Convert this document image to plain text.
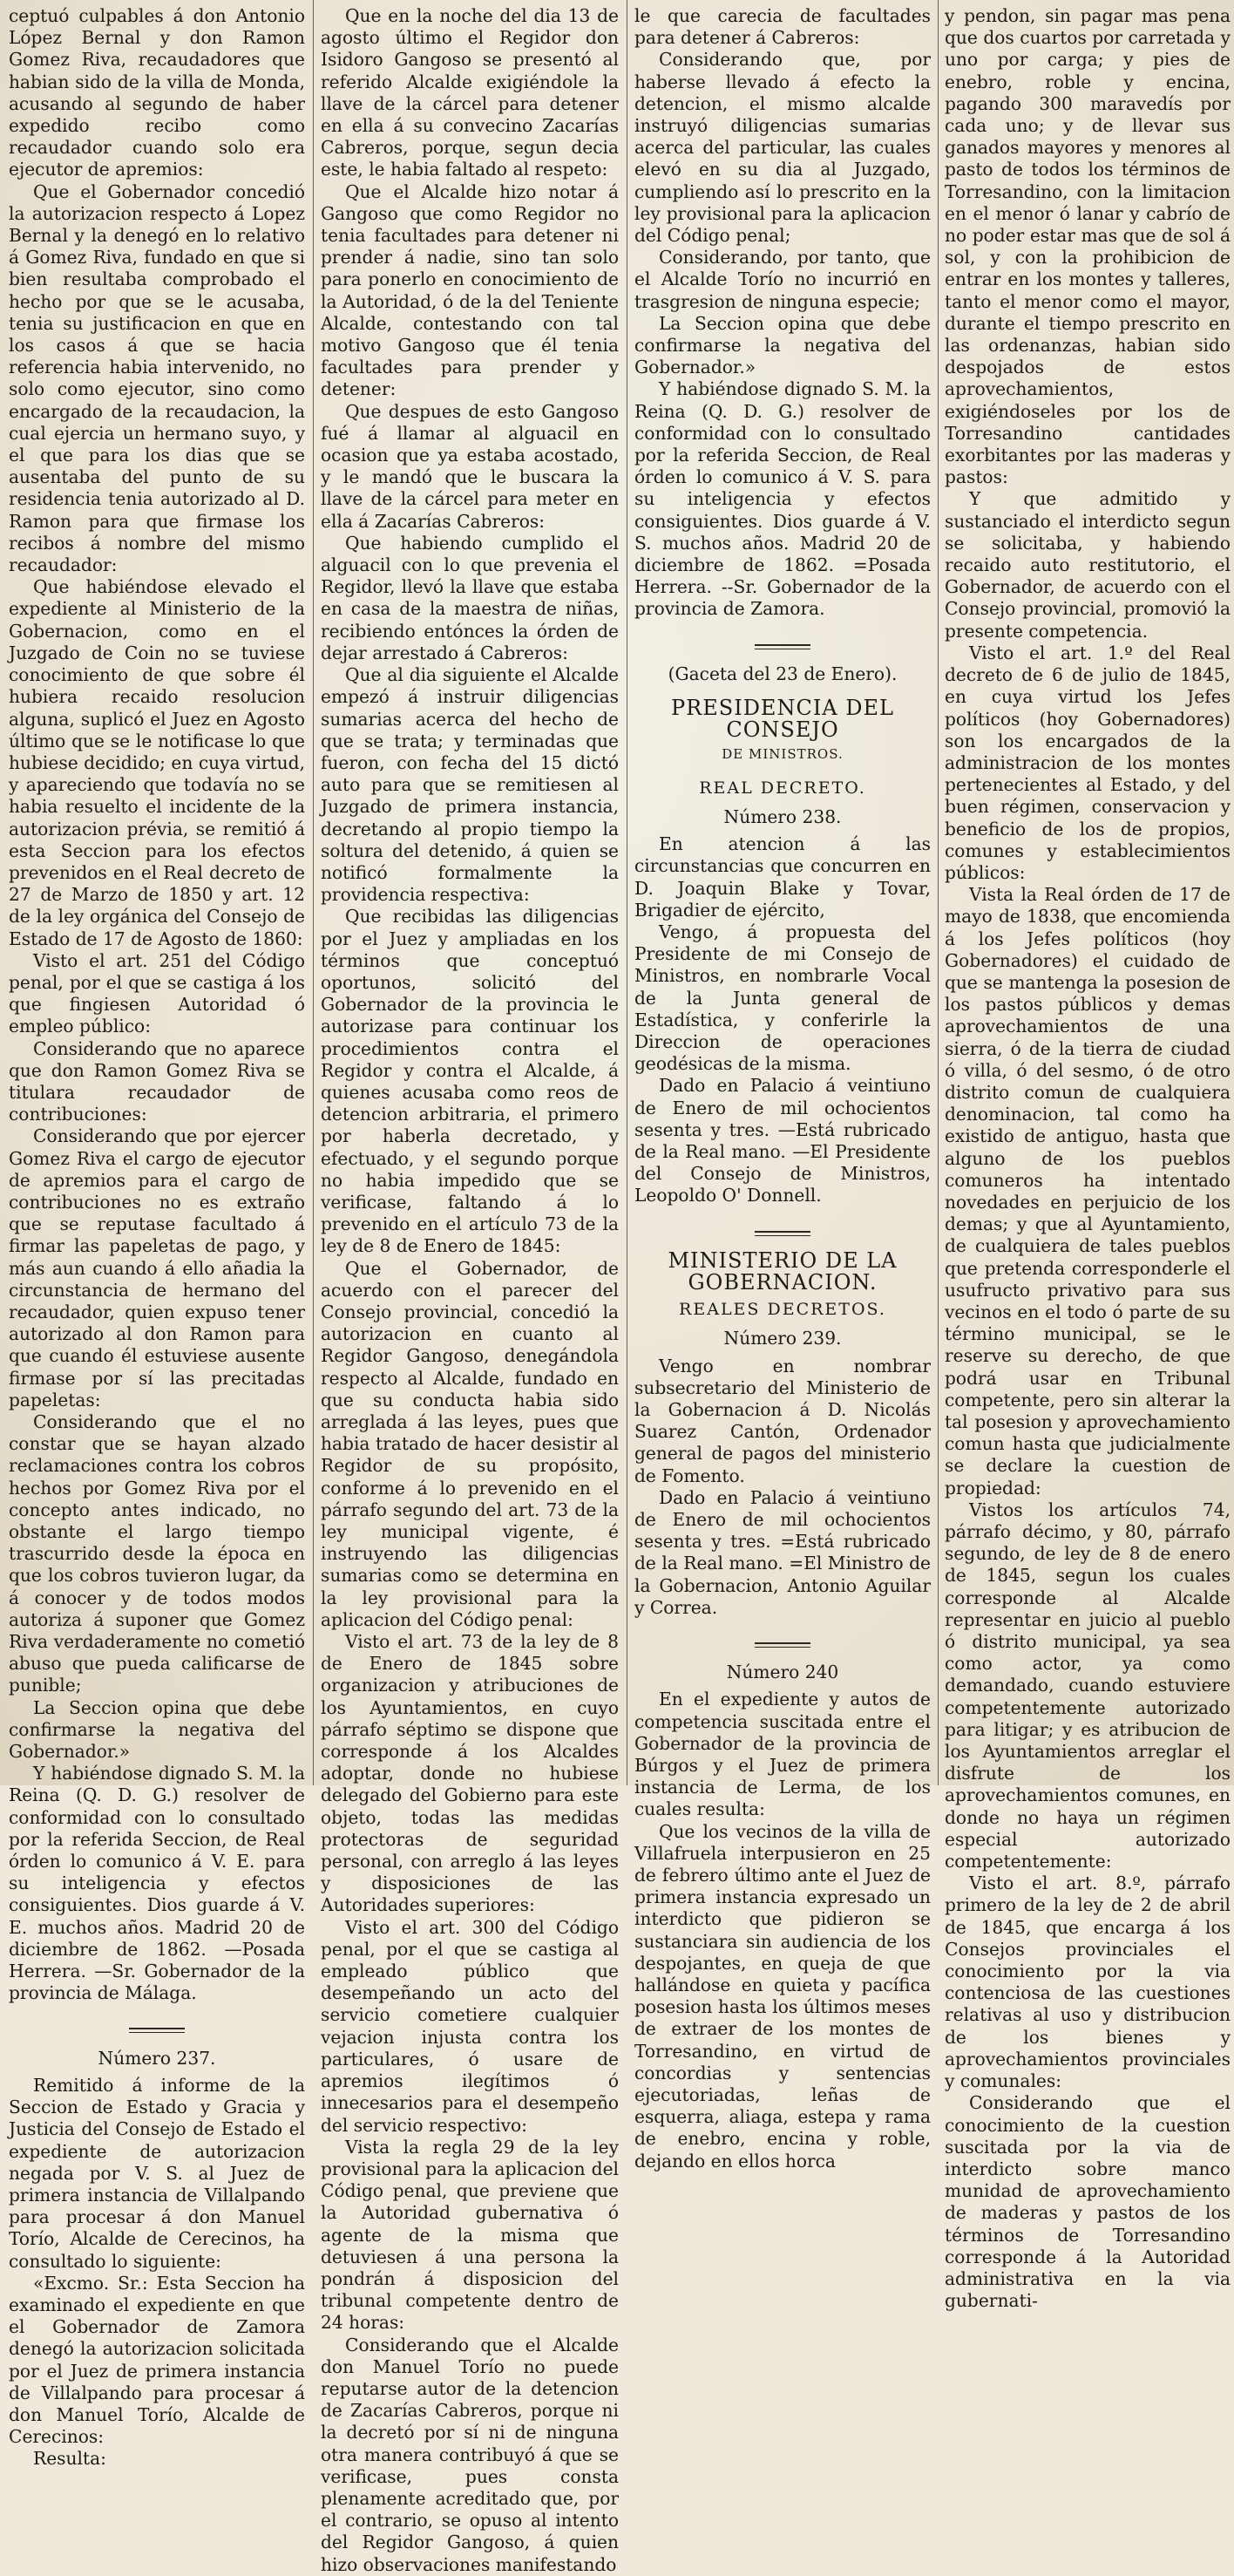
ceptuó culpables á don Antonio López Bernal y don Ramon Gomez Riva, recaudadores que habian sido de la villa de Monda, acusando al segundo de haber expedido recibo como recaudador cuando solo era ejecutor de apremios:

Que el Gobernador concedió la autorizacion respecto á Lopez Bernal y la denegó en lo relativo á Gomez Riva, fundado en que si bien resultaba comprobado el hecho por que se le acusaba, tenia su justificacion en que en los casos á que se hacia referencia habia intervenido, no solo como ejecutor, sino como encargado de la recaudacion, la cual ejercia un hermano suyo, y el que para los dias que se ausentaba del punto de su residencia tenia autorizado al D. Ramon para que firmase los recibos á nombre del mismo recaudador:

Que habiéndose elevado el expediente al Ministerio de la Gobernacion, como en el Juzgado de Coin no se tuviese conocimiento de que sobre él hubiera recaido resolucion alguna, suplicó el Juez en Agosto último que se le notificase lo que hubiese decidido; en cuya virtud, y apareciendo que todavía no se habia resuelto el incidente de la autorizacion prévia, se remitió á esta Seccion para los efectos prevenidos en el Real decreto de 27 de Marzo de 1850 y art. 12 de la ley orgánica del Consejo de Estado de 17 de Agosto de 1860:

Visto el art. 251 del Código penal, por el que se castiga á los que fingiesen Autoridad ó empleo público:

Considerando que no aparece que don Ramon Gomez Riva se titulara recaudador de contribuciones:

Considerando que por ejercer Gomez Riva el cargo de ejecutor de apremios para el cargo de contribuciones no es extraño que se reputase facultado á firmar las papeletas de pago, y más aun cuando á ello añadia la circunstancia de hermano del recaudador, quien expuso tener autorizado al don Ramon para que cuando él estuviese ausente firmase por sí las precitadas papeletas:

Considerando que el no constar que se hayan alzado reclamaciones contra los cobros hechos por Gomez Riva por el concepto antes indicado, no obstante el largo tiempo trascurrido desde la época en que los cobros tuvieron lugar, da á conocer y de todos modos autoriza á suponer que Gomez Riva verdaderamente no cometió abuso que pueda calificarse de punible;

La Seccion opina que debe confirmarse la negativa del Gobernador.»

Y habiéndose dignado S. M. la Reina (Q. D. G.) resolver de conformidad con lo consultado por la referida Seccion, de Real órden lo comunico á V. E. para su inteligencia y efectos consiguientes. Dios guarde á V. E. muchos años. Madrid 20 de diciembre de 1862. —Posada Herrera. —Sr. Gobernador de la provincia de Málaga.

Número 237.

Remitido á informe de la Seccion de Estado y Gracia y Justicia del Consejo de Estado el expediente de autorizacion negada por V. S. al Juez de primera instancia de Villalpando para procesar á don Manuel Torío, Alcalde de Cerecinos, ha consultado lo siguiente:

«Excmo. Sr.: Esta Seccion ha examinado el expediente en que el Gobernador de Zamora denegó la autorizacion solicitada por el Juez de primera instancia de Villalpando para procesar á don Manuel Torío, Alcalde de Cerecinos:

Resulta:

Que en la noche del dia 13 de agosto último el Regidor don Isidoro Gangoso se presentó al referido Alcalde exigiéndole la llave de la cárcel para detener en ella á su convecino Zacarías Cabreros, porque, segun decia este, le habia faltado al respeto:

Que el Alcalde hizo notar á Gangoso que como Regidor no tenia facultades para detener ni prender á nadie, sino tan solo para ponerlo en conocimiento de la Autoridad, ó de la del Teniente Alcalde, contestando con tal motivo Gangoso que él tenia facultades para prender y detener:

Que despues de esto Gangoso fué á llamar al alguacil en ocasion que ya estaba acostado, y le mandó que le buscara la llave de la cárcel para meter en ella á Zacarías Cabreros:

Que habiendo cumplido el alguacil con lo que prevenia el Regidor, llevó la llave que estaba en casa de la maestra de niñas, recibiendo entónces la órden de dejar arrestado á Cabreros:

Que al dia siguiente el Alcalde empezó á instruir diligencias sumarias acerca del hecho de que se trata; y terminadas que fueron, con fecha del 15 dictó auto para que se remitiesen al Juzgado de primera instancia, decretando al propio tiempo la soltura del detenido, á quien se notificó formalmente la providencia respectiva:

Que recibidas las diligencias por el Juez y ampliadas en los términos que conceptuó oportunos, solicitó del Gobernador de la provincia le autorizase para continuar los procedimientos contra el Regidor y contra el Alcalde, á quienes acusaba como reos de detencion arbitraria, el primero por haberla decretado, y efectuado, y el segundo porque no habia impedido que se verificase, faltando á lo prevenido en el artículo 73 de la ley de 8 de Enero de 1845:

Que el Gobernador, de acuerdo con el parecer del Consejo provincial, concedió la autorizacion en cuanto al Regidor Gangoso, denegándola respecto al Alcalde, fundado en que su conducta habia sido arreglada á las leyes, pues que habia tratado de hacer desistir al Regidor de su propósito, conforme á lo prevenido en el párrafo segundo del art. 73 de la ley municipal vigente, é instruyendo las diligencias sumarias como se determina en la ley provisional para la aplicacion del Código penal:

Visto el art. 73 de la ley de 8 de Enero de 1845 sobre organizacion y atribuciones de los Ayuntamientos, en cuyo párrafo séptimo se dispone que corresponde á los Alcaldes adoptar, donde no hubiese delegado del Gobierno para este objeto, todas las medidas protectoras de seguridad personal, con arreglo á las leyes y disposiciones de las Autoridades superiores:

Visto el art. 300 del Código penal, por el que se castiga al empleado público que desempeñando un acto del servicio cometiere cualquier vejacion injusta contra los particulares, ó usare de apremios ilegítimos ó innecesarios para el desempeño del servicio respectivo:

Vista la regla 29 de la ley provisional para la aplicacion del Código penal, que previene que la Autoridad gubernativa ó agente de la misma que detuviesen á una persona la pondrán á disposicion del tribunal competente dentro de 24 horas:

Considerando que el Alcalde don Manuel Torío no puede reputarse autor de la detencion de Zacarías Cabreros, porque ni la decretó por sí ni de ninguna otra manera contribuyó á que se verificase, pues consta plenamente acreditado que, por el contrario, se opuso al intento del Regidor Gangoso, á quien hizo observaciones manifestando

le que carecia de facultades para detener á Cabreros:

Considerando que, por haberse llevado á efecto la detencion, el mismo alcalde instruyó diligencias sumarias acerca del particular, las cuales elevó en su dia al Juzgado, cumpliendo así lo prescrito en la ley provisional para la aplicacion del Código penal;

Considerando, por tanto, que el Alcalde Torío no incurrió en trasgresion de ninguna especie;

La Seccion opina que debe confirmarse la negativa del Gobernador.»

Y habiéndose dignado S. M. la Reina (Q. D. G.) resolver de conformidad con lo consultado por la referida Seccion, de Real órden lo comunico á V. S. para su inteligencia y efectos consiguientes. Dios guarde á V. S. muchos años. Madrid 20 de diciembre de 1862. =Posada Herrera. --Sr. Gobernador de la provincia de Zamora.

(Gaceta del 23 de Enero).

PRESIDENCIA DEL CONSEJO

DE MINISTROS.

REAL DECRETO.

Número 238.

En atencion á las circunstancias que concurren en D. Joaquin Blake y Tovar, Brigadier de ejército,

Vengo, á propuesta del Presidente de mi Consejo de Ministros, en nombrarle Vocal de la Junta general de Estadística, y conferirle la Direccion de operaciones geodésicas de la misma.

Dado en Palacio á veintiuno de Enero de mil ochocientos sesenta y tres. —Está rubricado de la Real mano. —El Presidente del Consejo de Ministros, Leopoldo O' Donnell.

MINISTERIO DE LA GOBERNACION.

REALES DECRETOS.

Número 239.

Vengo en nombrar subsecretario del Ministerio de la Gobernacion á D. Nicolás Suarez Cantón, Ordenador general de pagos del ministerio de Fomento.

Dado en Palacio á veintiuno de Enero de mil ochocientos sesenta y tres. =Está rubricado de la Real mano. =El Ministro de la Gobernacion, Antonio Aguilar y Correa.

Número 240

En el expediente y autos de competencia suscitada entre el Gobernador de la provincia de Búrgos y el Juez de primera instancia de Lerma, de los cuales resulta:

Que los vecinos de la villa de Villafruela interpusieron en 25 de febrero último ante el Juez de primera instancia expresado un interdicto que pidieron se sustanciara sin audiencia de los despojantes, en queja de que hallándose en quieta y pacífica posesion hasta los últimos meses de extraer de los montes de Torresandino, en virtud de concordias y sentencias ejecutoriadas, leñas de esquerra, aliaga, estepa y rama de enebro, encina y roble, dejando en ellos horca

y pendon, sin pagar mas pena que dos cuartos por carretada y uno por carga; y pies de enebro, roble y encina, pagando 300 maravedís por cada uno; y de llevar sus ganados mayores y menores al pasto de todos los términos de Torresandino, con la limitacion en el menor ó lanar y cabrío de no poder estar mas que de sol á sol, y con la prohibicion de entrar en los montes y talleres, tanto el menor como el mayor, durante el tiempo prescrito en las ordenanzas, habian sido despojados de estos aprovechamientos, exigiéndoseles por los de Torresandino cantidades exorbitantes por las maderas y pastos:

Y que admitido y sustanciado el interdicto segun se solicitaba, y habiendo recaido auto restitutorio, el Gobernador, de acuerdo con el Consejo provincial, promovió la presente competencia.

Visto el art. 1.º del Real decreto de 6 de julio de 1845, en cuya virtud los Jefes políticos (hoy Gobernadores) son los encargados de la administracion de los montes pertenecientes al Estado, y del buen régimen, conservacion y beneficio de los de propios, comunes y establecimientos públicos:

Vista la Real órden de 17 de mayo de 1838, que encomienda á los Jefes políticos (hoy Gobernadores) el cuidado de que se mantenga la posesion de los pastos públicos y demas aprovechamientos de una sierra, ó de la tierra de ciudad ó villa, ó del sesmo, ó de otro distrito comun de cualquiera denominacion, tal como ha existido de antiguo, hasta que alguno de los pueblos comuneros ha intentado novedades en perjuicio de los demas; y que al Ayuntamiento, de cualquiera de tales pueblos que pretenda corresponderle el usufructo privativo para sus vecinos en el todo ó parte de su término municipal, se le reserve su derecho, de que podrá usar en Tribunal competente, pero sin alterar la tal posesion y aprovechamiento comun hasta que judicialmente se declare la cuestion de propiedad:

Vistos los artículos 74, párrafo décimo, y 80, párrafo segundo, de ley de 8 de enero de 1845, segun los cuales corresponde al Alcalde representar en juicio al pueblo ó distrito municipal, ya sea como actor, ya como demandado, cuando estuviere competentemente autorizado para litigar; y es atribucion de los Ayuntamientos arreglar el disfrute de los aprovechamientos comunes, en donde no haya un régimen especial autorizado competentemente:

Visto el art. 8.º, párrafo primero de la ley de 2 de abril de 1845, que encarga á los Consejos provinciales el conocimiento por la via contenciosa de las cuestiones relativas al uso y distribucion de los bienes y aprovechamientos provinciales y comunales:

Considerando que el conocimiento de la cuestion suscitada por la via de interdicto sobre manco munidad de aprovechamiento de maderas y pastos de los términos de Torresandino corresponde á la Autoridad administrativa en la via gubernati-
